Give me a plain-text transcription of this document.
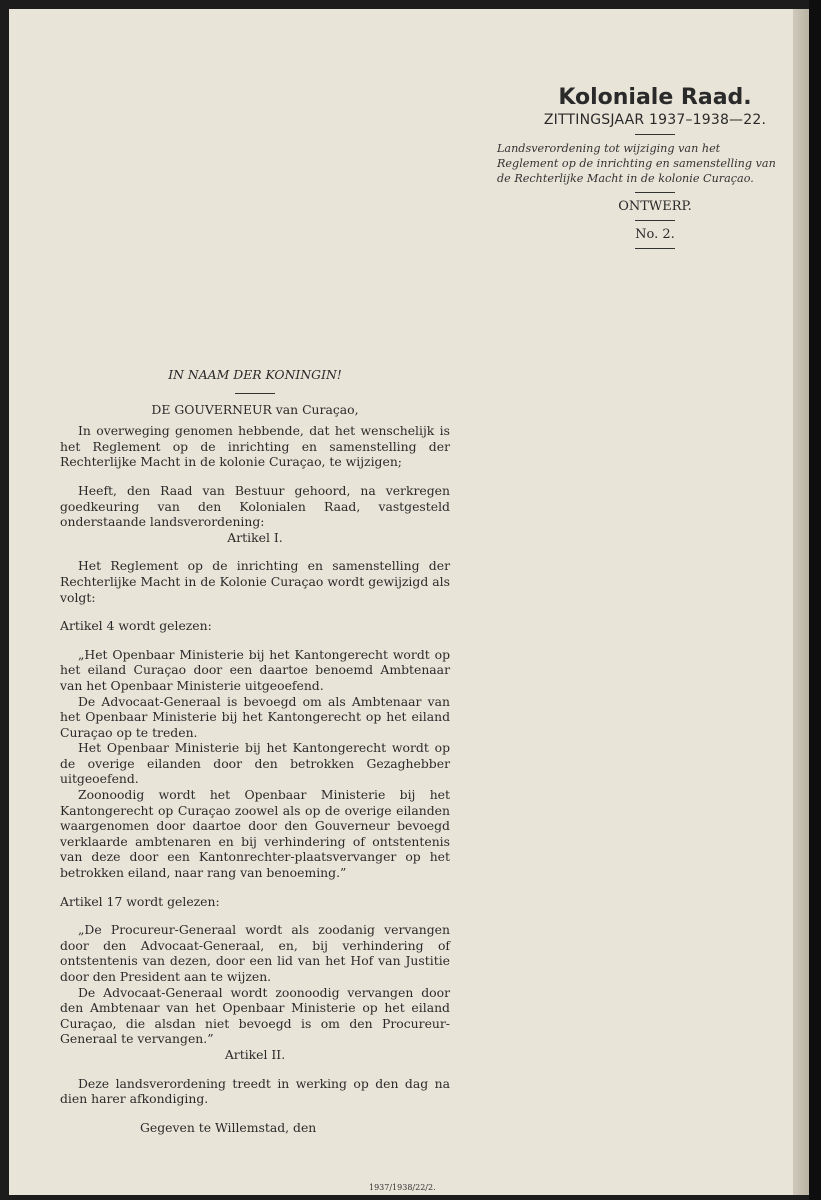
Koloniale Raad.
ZITTINGSJAAR 1937–1938—22.
Landsverordening tot wijziging van het Reglement op de inrichting en samenstelling van de Rechterlijke Macht in de kolonie Curaçao.
ONTWERP.
No. 2.

IN NAAM DER KONINGIN!

DE GOUVERNEUR van Curaçao,

In overweging genomen hebbende, dat het wenschelijk is het Reglement op de inrichting en samenstelling der Rechterlijke Macht in de kolonie Curaçao, te wijzigen;

Heeft, den Raad van Bestuur gehoord, na verkregen goedkeuring van den Kolonialen Raad, vastgesteld onderstaande landsverordening:

Artikel I.

Het Reglement op de inrichting en samenstelling der Rechterlijke Macht in de Kolonie Curaçao wordt gewijzigd als volgt:

Artikel 4 wordt gelezen:

„Het Openbaar Ministerie bij het Kantongerecht wordt op het eiland Curaçao door een daartoe benoemd Ambtenaar van het Openbaar Ministerie uitgeoefend.

De Advocaat-Generaal is bevoegd om als Ambtenaar van het Openbaar Ministerie bij het Kantongerecht op het eiland Curaçao op te treden.

Het Openbaar Ministerie bij het Kantongerecht wordt op de overige eilanden door den betrokken Gezaghebber uitgeoefend.

Zoonoodig wordt het Openbaar Ministerie bij het Kantongerecht op Curaçao zoowel als op de overige eilanden waargenomen door daartoe door den Gouverneur bevoegd verklaarde ambtenaren en bij verhindering of ontstentenis van deze door een Kantonrechter-plaatsvervanger op het betrokken eiland, naar rang van benoeming.”

Artikel 17 wordt gelezen:

„De Procureur-Generaal wordt als zoodanig vervangen door den Advocaat-Generaal, en, bij verhindering of ontstentenis van dezen, door een lid van het Hof van Justitie door den President aan te wijzen.

De Advocaat-Generaal wordt zoonoodig vervangen door den Ambtenaar van het Openbaar Ministerie op het eiland Curaçao, die alsdan niet bevoegd is om den Procureur-Generaal te vervangen.”

Artikel II.

Deze landsverordening treedt in werking op den dag na dien harer afkondiging.

Gegeven te Willemstad, den

1937/1938/22/2.
